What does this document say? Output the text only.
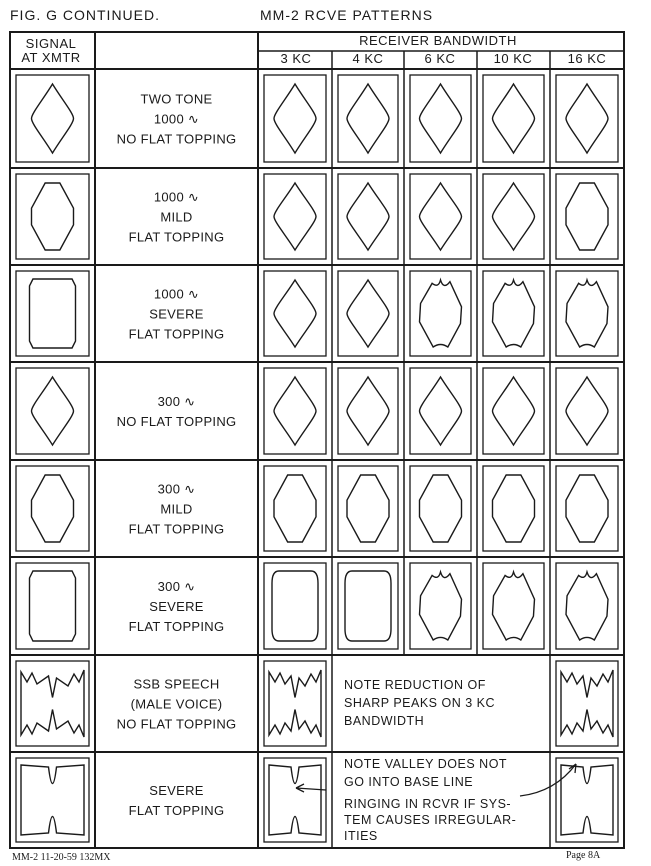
FIG. G CONTINUED.	MM-2 RCVE PATTERNS
SIGNAL
AT XMTR
RECEIVER BANDWIDTH
3 KC	4 KC	6 KC	10 KC	16 KC
TWO TONE
1000 ∿
NO FLAT TOPPING
1000 ∿
MILD
FLAT TOPPING
1000 ∿
SEVERE
FLAT TOPPING
300 ∿
NO FLAT TOPPING
300 ∿
MILD
FLAT TOPPING
300 ∿
SEVERE
FLAT TOPPING
SSB SPEECH
(MALE VOICE)
NO FLAT TOPPING
NOTE REDUCTION OF
SHARP PEAKS ON 3 KC
BANDWIDTH
SEVERE
FLAT TOPPING
NOTE VALLEY DOES NOT
GO INTO BASE LINE
RINGING IN RCVR IF SYS-
TEM CAUSES IRREGULAR-
ITIES
MM-2 11-20-59 132MX	Page 8A
